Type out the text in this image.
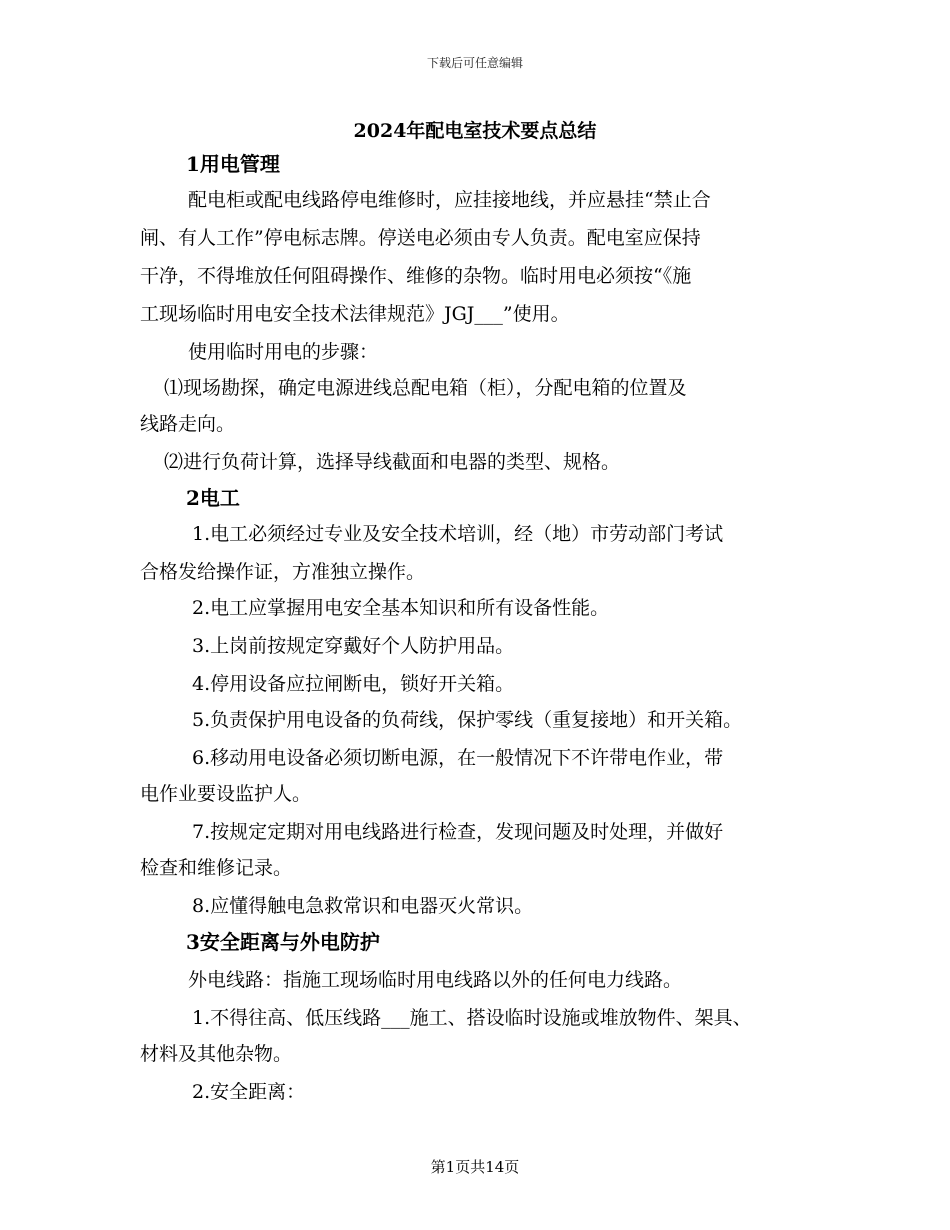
下载后可任意编辑
2024年配电室技术要点总结
1用电管理
配电柜或配电线路停电维修时，应挂接地线，并应悬挂“禁止合
闸、有人工作”停电标志牌。停送电必须由专人负责。配电室应保持
干净，不得堆放任何阻碍操作、维修的杂物。临时用电必须按“《施
工现场临时用电安全技术法律规范》JGJ___”使用。
使用临时用电的步骤：
⑴现场勘探，确定电源进线总配电箱（柜），分配电箱的位置及
线路走向。
⑵进行负荷计算，选择导线截面和电器的类型、规格。
2电工
1.电工必须经过专业及安全技术培训，经（地）市劳动部门考试
合格发给操作证，方准独立操作。
2.电工应掌握用电安全基本知识和所有设备性能。
3.上岗前按规定穿戴好个人防护用品。
4.停用设备应拉闸断电，锁好开关箱。
5.负责保护用电设备的负荷线，保护零线（重复接地）和开关箱。
6.移动用电设备必须切断电源，在一般情况下不许带电作业，带
电作业要设监护人。
7.按规定定期对用电线路进行检查，发现问题及时处理，并做好
检查和维修记录。
8.应懂得触电急救常识和电器灭火常识。
3安全距离与外电防护
外电线路：指施工现场临时用电线路以外的任何电力线路。
1.不得往高、低压线路___施工、搭设临时设施或堆放物件、架具、
材料及其他杂物。
2.安全距离：
第1页共14页
